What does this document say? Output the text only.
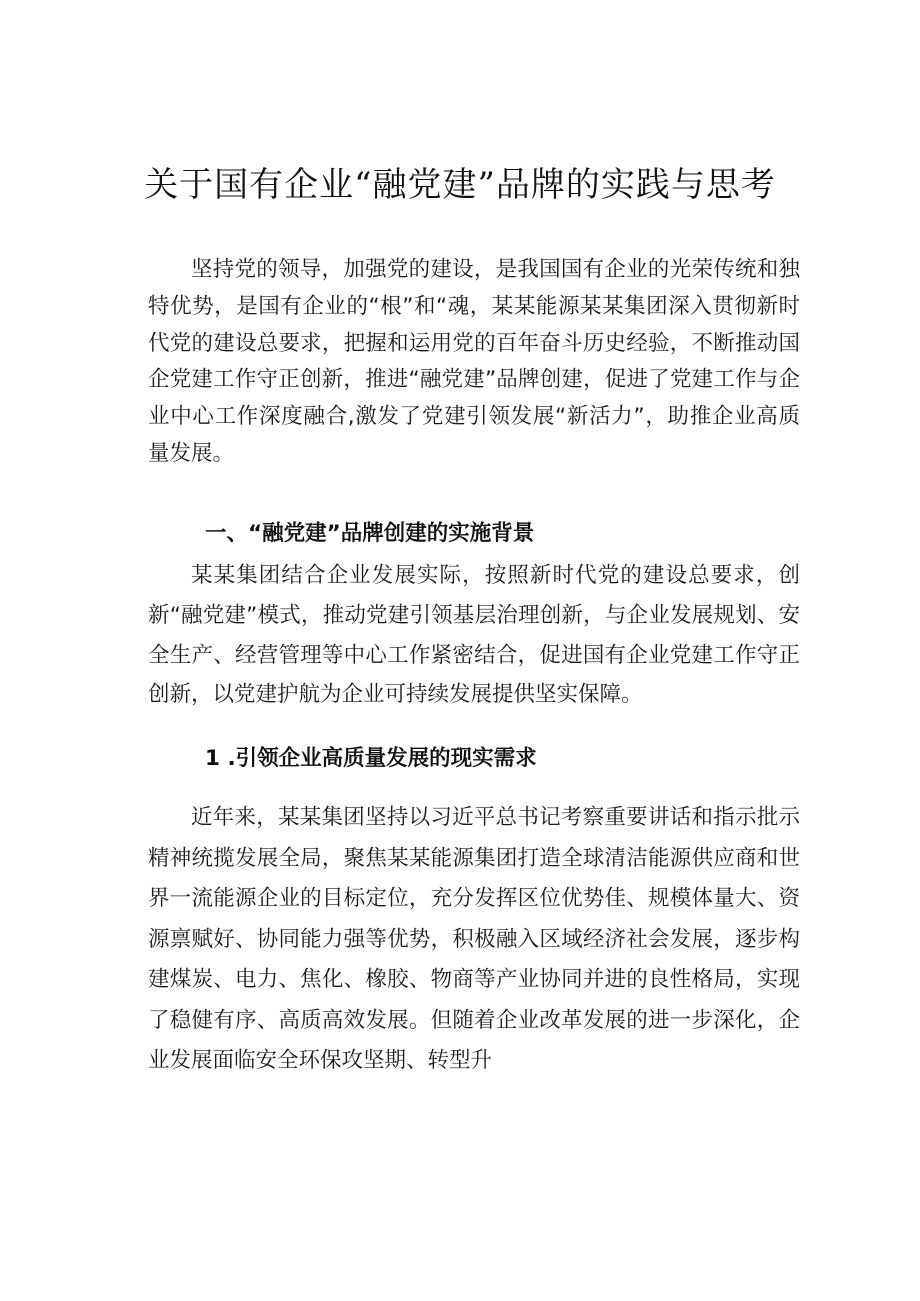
关于国有企业“融党建”品牌的实践与思考

坚持党的领导，加强党的建设，是我国国有企业的光荣传统和独特优势，是国有企业的“根”和“魂，某某能源某某集团深入贯彻新时代党的建设总要求，把握和运用党的百年奋斗历史经验，不断推动国企党建工作守正创新，推进“融党建”品牌创建，促进了党建工作与企业中心工作深度融合,激发了党建引领发展“新活力”，助推企业高质量发展。

一、“融党建”品牌创建的实施背景

某某集团结合企业发展实际，按照新时代党的建设总要求，创新“融党建”模式，推动党建引领基层治理创新，与企业发展规划、安全生产、经营管理等中心工作紧密结合，促进国有企业党建工作守正创新，以党建护航为企业可持续发展提供坚实保障。

1 .引领企业高质量发展的现实需求

近年来，某某集团坚持以习近平总书记考察重要讲话和指示批示精神统揽发展全局，聚焦某某能源集团打造全球清洁能源供应商和世界一流能源企业的目标定位，充分发挥区位优势佳、规模体量大、资源禀赋好、协同能力强等优势，积极融入区域经济社会发展，逐步构建煤炭、电力、焦化、橡胶、物商等产业协同并进的良性格局，实现了稳健有序、高质高效发展。但随着企业改革发展的进一步深化，企业发展面临安全环保攻坚期、转型升
